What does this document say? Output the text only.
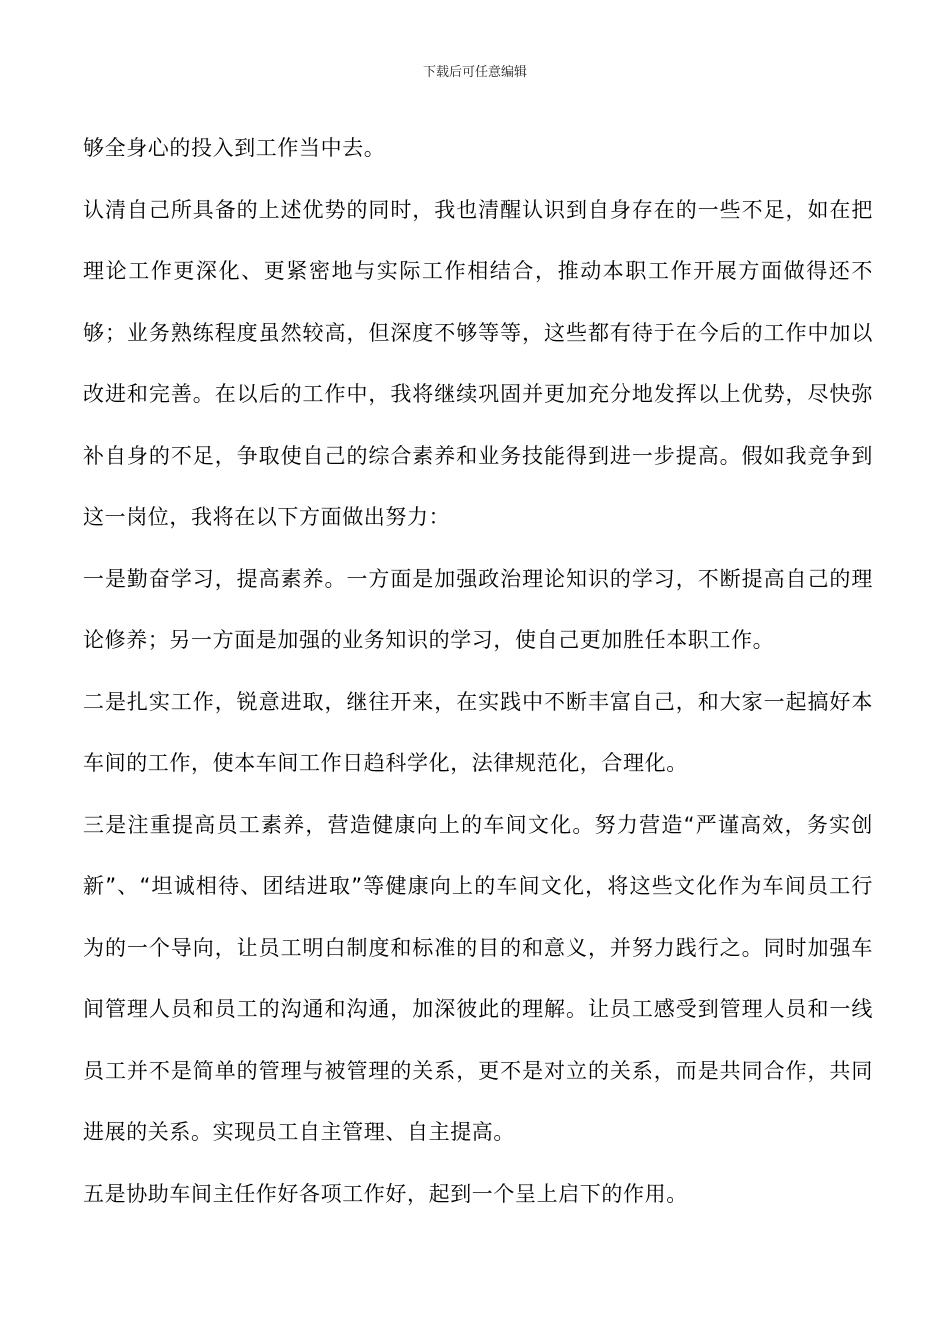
下载后可任意编辑

够全身心的投入到工作当中去。

认清自己所具备的上述优势的同时，我也清醒认识到自身存在的一些不足，如在把理论工作更深化、更紧密地与实际工作相结合，推动本职工作开展方面做得还不够；业务熟练程度虽然较高，但深度不够等等，这些都有待于在今后的工作中加以改进和完善。在以后的工作中，我将继续巩固并更加充分地发挥以上优势，尽快弥补自身的不足，争取使自己的综合素养和业务技能得到进一步提高。假如我竞争到这一岗位，我将在以下方面做出努力：

一是勤奋学习，提高素养。一方面是加强政治理论知识的学习，不断提高自己的理论修养；另一方面是加强的业务知识的学习，使自己更加胜任本职工作。

二是扎实工作，锐意进取，继往开来，在实践中不断丰富自己，和大家一起搞好本车间的工作，使本车间工作日趋科学化，法律规范化，合理化。

三是注重提高员工素养，营造健康向上的车间文化。努力营造“严谨高效，务实创新”、“坦诚相待、团结进取”等健康向上的车间文化，将这些文化作为车间员工行为的一个导向，让员工明白制度和标准的目的和意义，并努力践行之。同时加强车间管理人员和员工的沟通和沟通，加深彼此的理解。让员工感受到管理人员和一线员工并不是简单的管理与被管理的关系，更不是对立的关系，而是共同合作，共同进展的关系。实现员工自主管理、自主提高。

五是协助车间主任作好各项工作好，起到一个呈上启下的作用。
